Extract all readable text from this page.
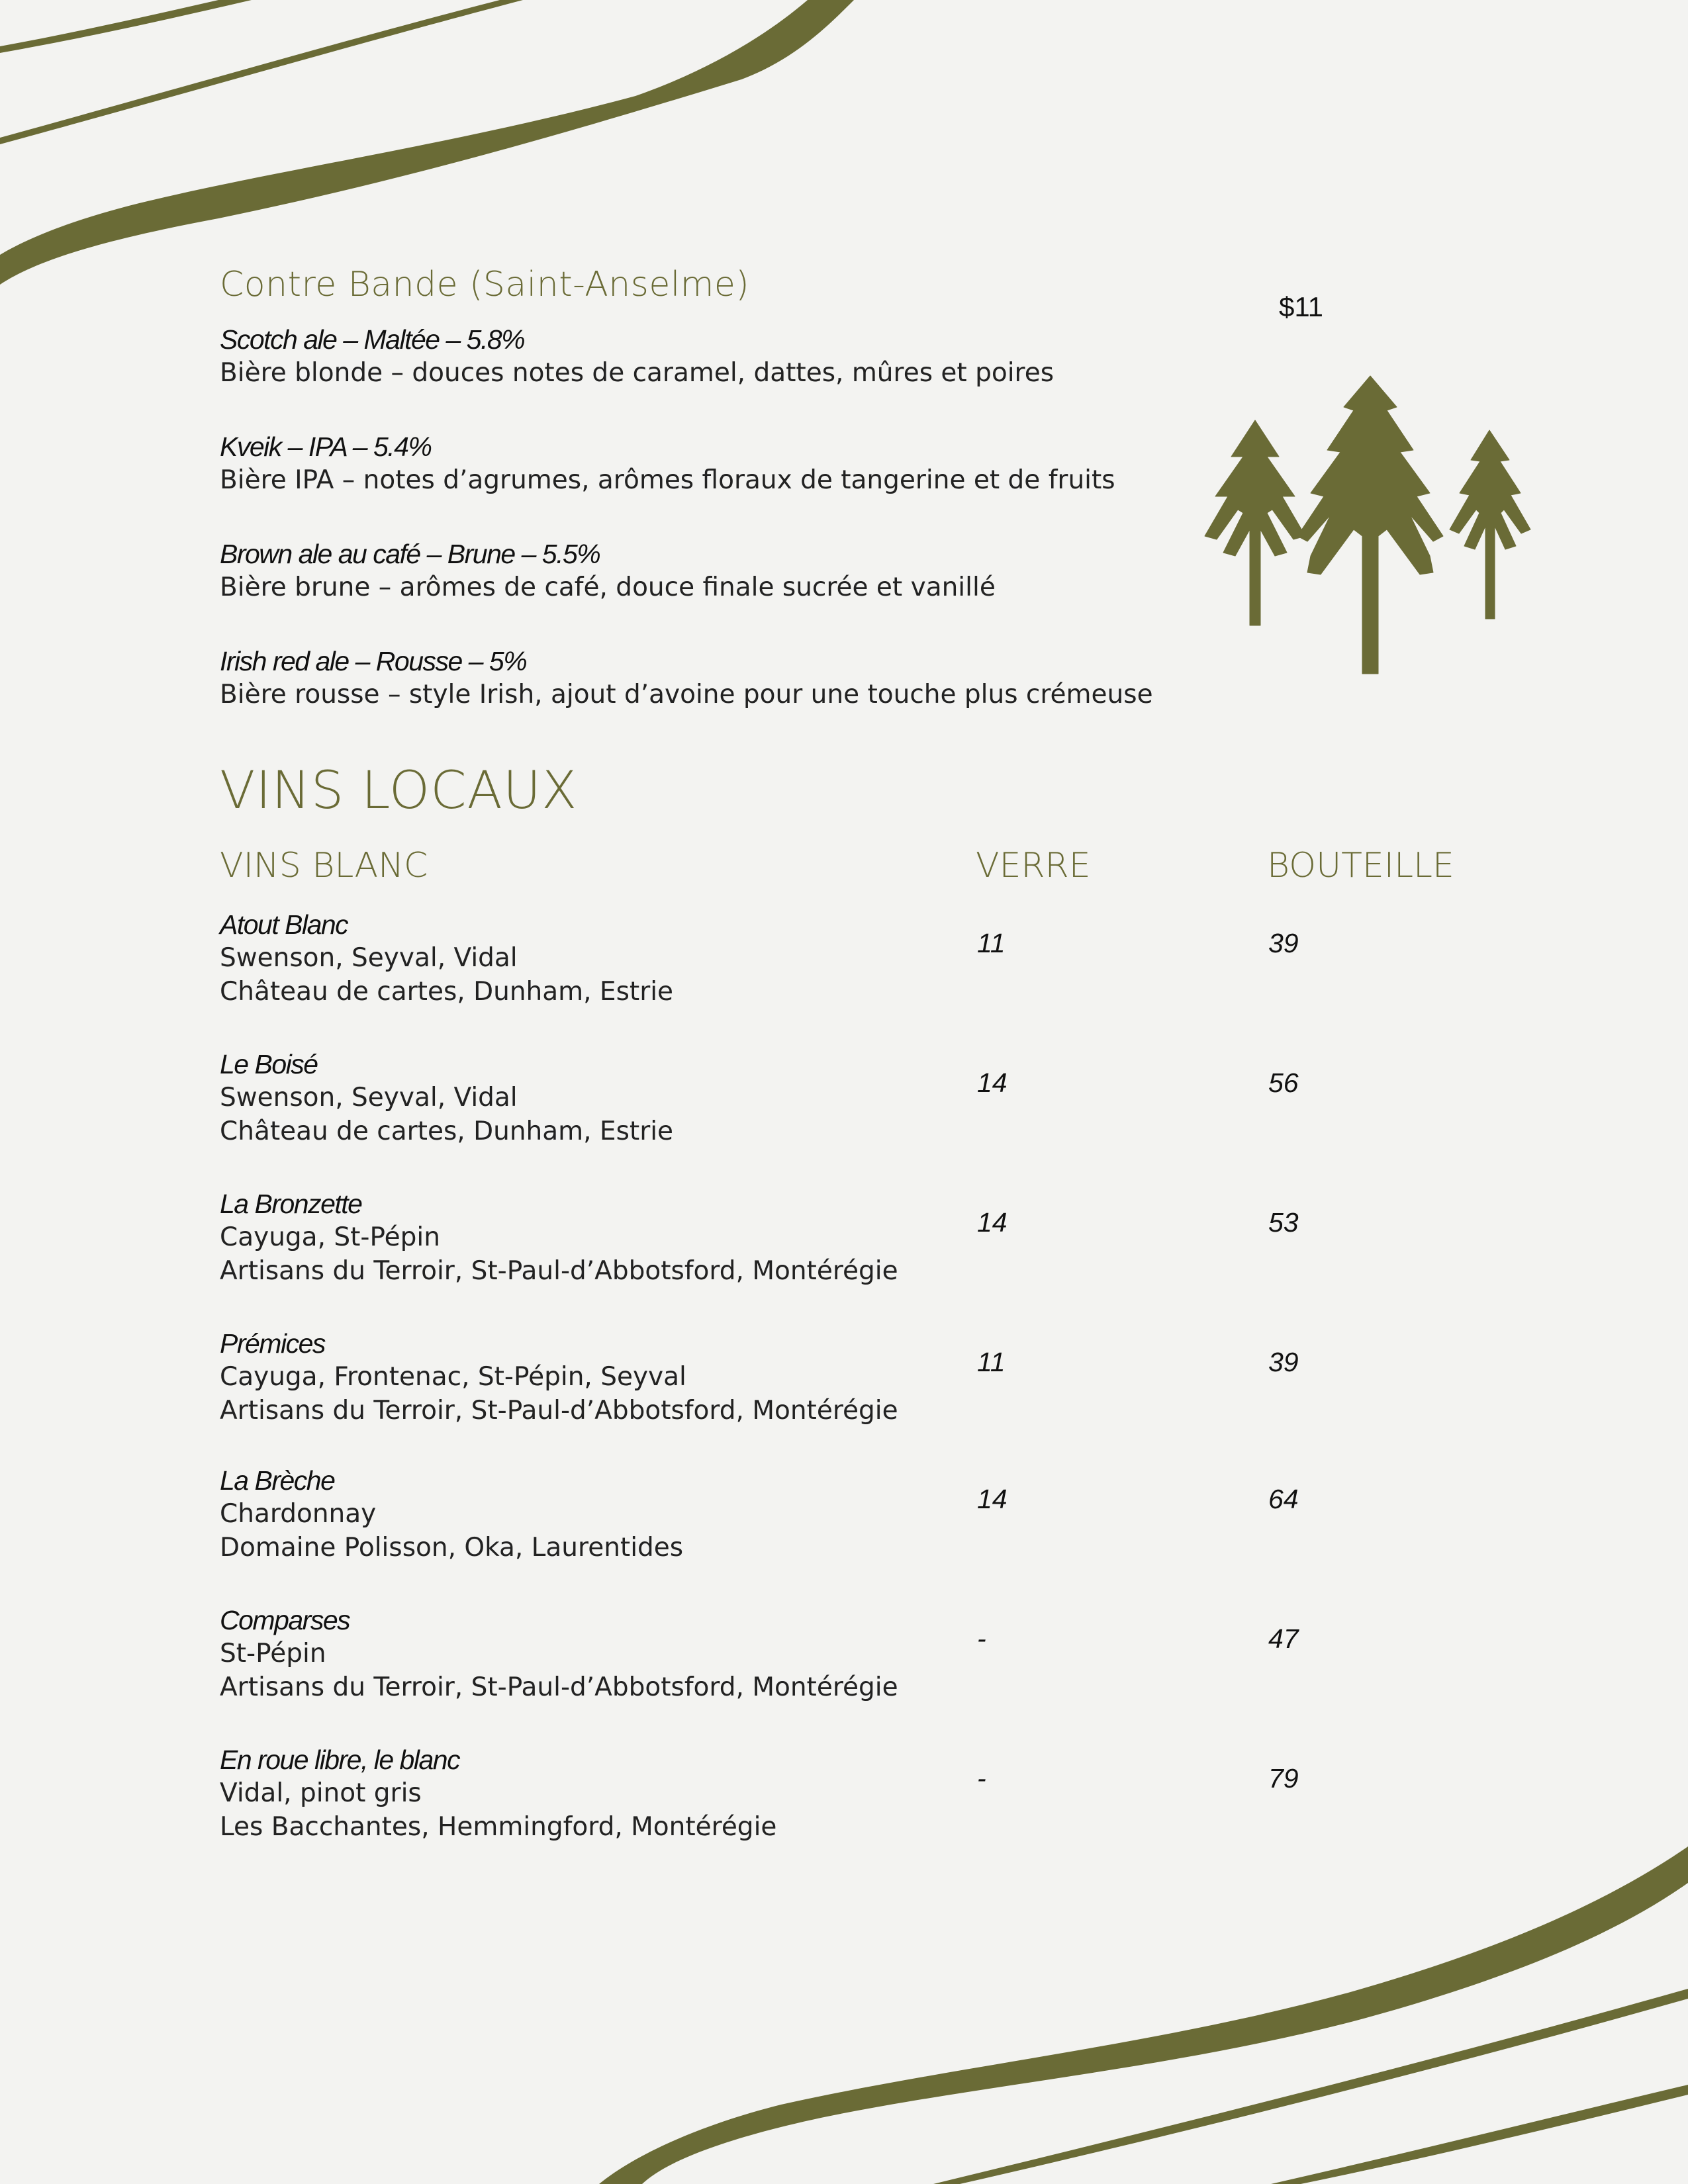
Contre Bande (Saint-Anselme)
$11
Scotch ale – Maltée – 5.8%
Bière blonde – douces notes de caramel, dattes, mûres et poires
Kveik – IPA – 5.4%
Bière IPA – notes d’agrumes, arômes floraux de tangerine et de fruits
Brown ale au café – Brune – 5.5%
Bière brune – arômes de café, douce finale sucrée et vanillé
Irish red ale – Rousse – 5%
Bière rousse – style Irish, ajout d’avoine pour une touche plus crémeuse
VINS LOCAUX
VINS BLANC	VERRE	BOUTEILLE
Atout Blanc
Swenson, Seyval, Vidal
Château de cartes, Dunham, Estrie
11	39
Le Boisé
Swenson, Seyval, Vidal
Château de cartes, Dunham, Estrie
14	56
La Bronzette
Cayuga, St-Pépin
Artisans du Terroir, St-Paul-d’Abbotsford, Montérégie
14	53
Prémices
Cayuga, Frontenac, St-Pépin, Seyval
Artisans du Terroir, St-Paul-d’Abbotsford, Montérégie
11	39
La Brèche
Chardonnay
Domaine Polisson, Oka, Laurentides
14	64
Comparses
St-Pépin
Artisans du Terroir, St-Paul-d’Abbotsford, Montérégie
-	47
En roue libre, le blanc
Vidal, pinot gris
Les Bacchantes, Hemmingford, Montérégie
-	79
